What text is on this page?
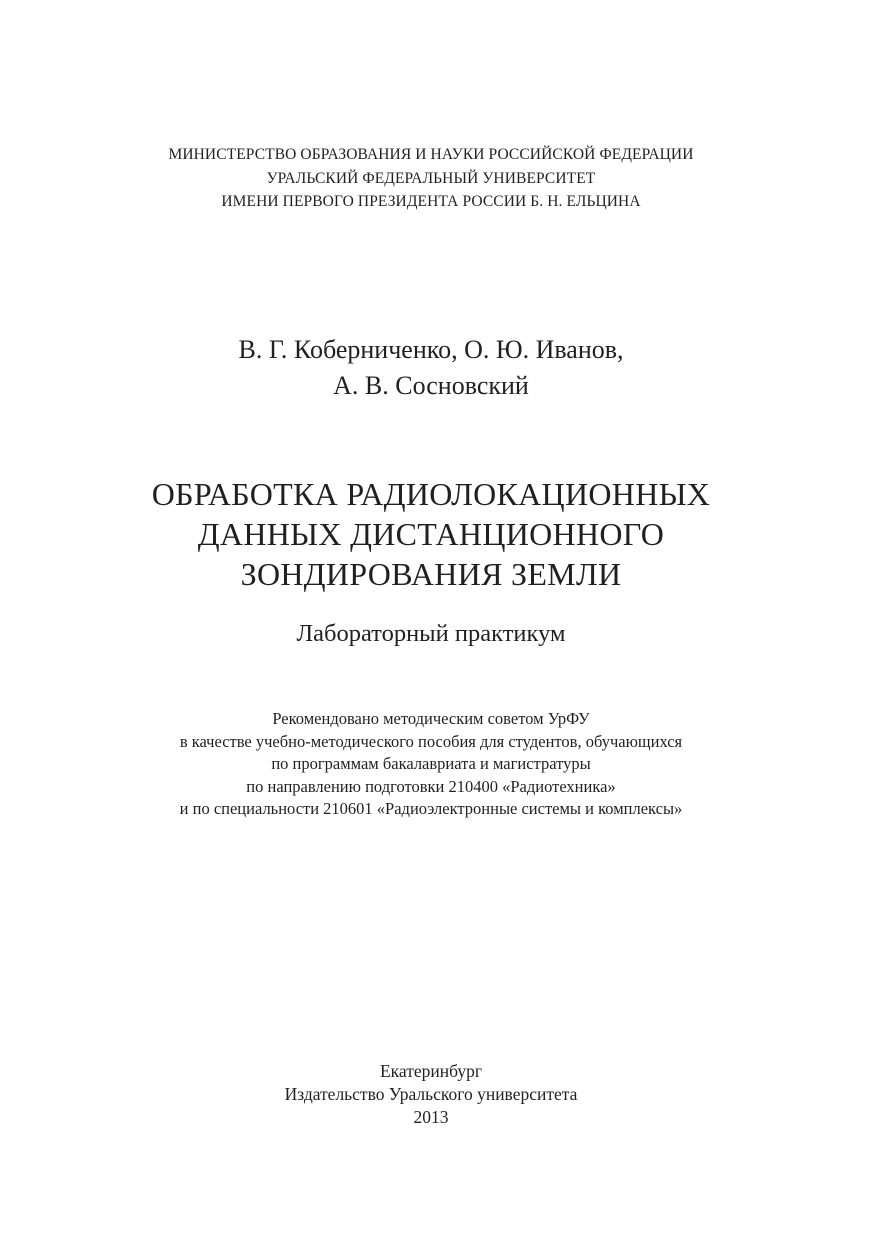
МИНИСТЕРСТВО ОБРАЗОВАНИЯ И НАУКИ РОССИЙСКОЙ ФЕДЕРАЦИИ
УРАЛЬСКИЙ ФЕДЕРАЛЬНЫЙ УНИВЕРСИТЕТ
ИМЕНИ ПЕРВОГО ПРЕЗИДЕНТА РОССИИ Б. Н. ЕЛЬЦИНА
В. Г. Коберниченко, О. Ю. Иванов,
А. В. Сосновский
ОБРАБОТКА РАДИОЛОКАЦИОННЫХ
ДАННЫХ ДИСТАНЦИОННОГО
ЗОНДИРОВАНИЯ ЗЕМЛИ
Лабораторный практикум
Рекомендовано методическим советом УрФУ
в качестве учебно-методического пособия для студентов, обучающихся
по программам бакалавриата и магистратуры
по направлению подготовки 210400 «Радиотехника»
и по специальности 210601 «Радиоэлектронные системы и комплексы»
Екатеринбург
Издательство Уральского университета
2013
